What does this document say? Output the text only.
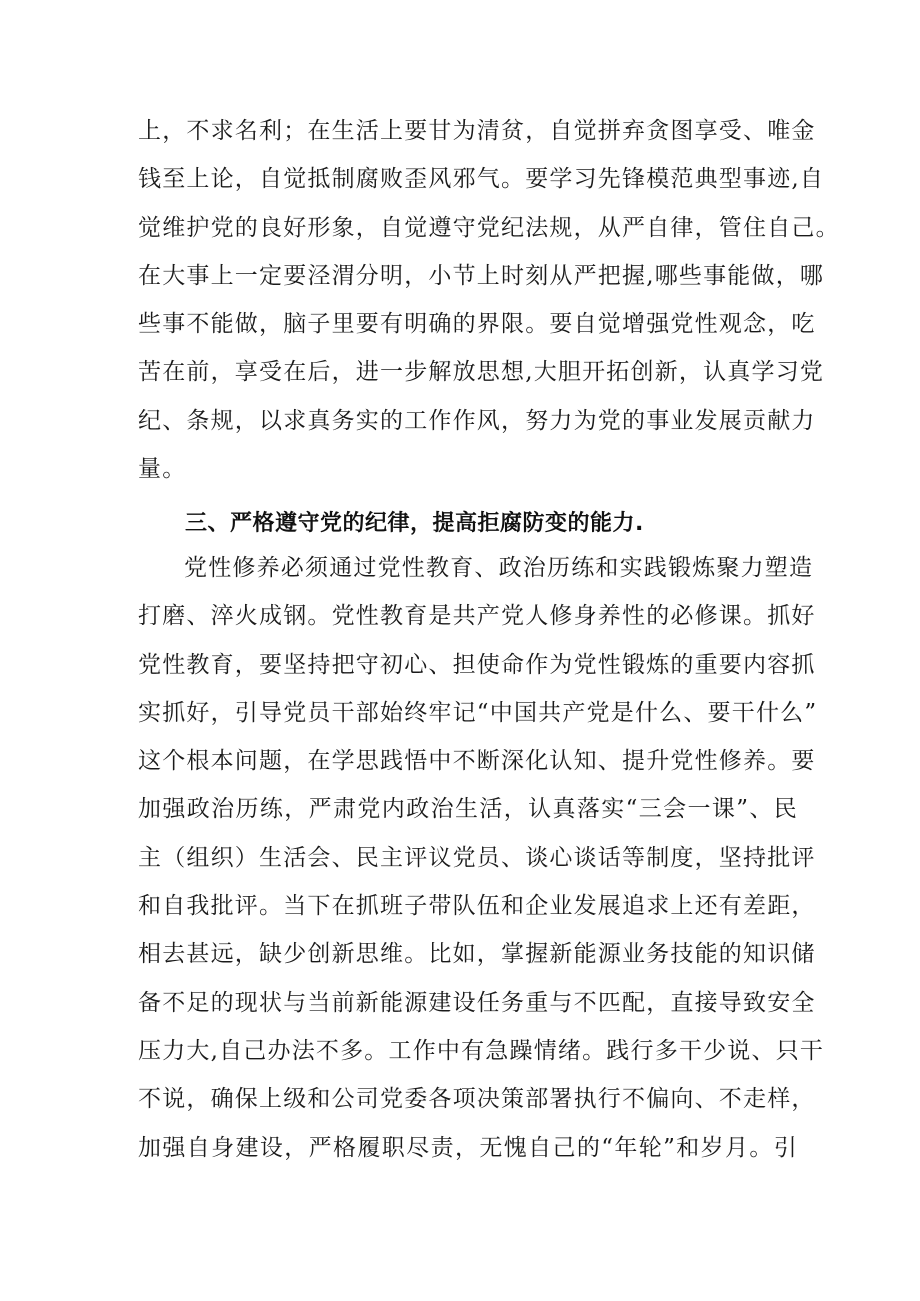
上，不求名利；在生活上要甘为清贫，自觉拼弃贪图享受、唯金
钱至上论，自觉抵制腐败歪风邪气。要学习先锋模范典型事迹,自
觉维护党的良好形象，自觉遵守党纪法规，从严自律，管住自己。
在大事上一定要泾渭分明，小节上时刻从严把握,哪些事能做，哪
些事不能做，脑子里要有明确的界限。要自觉增强党性观念，吃
苦在前，享受在后，进一步解放思想,大胆开拓创新，认真学习党
纪、条规，以求真务实的工作作风，努力为党的事业发展贡献力
量。
三、严格遵守党的纪律，提高拒腐防变的能力.
党性修养必须通过党性教育、政治历练和实践锻炼聚力塑造
打磨、淬火成钢。党性教育是共产党人修身养性的必修课。抓好
党性教育，要坚持把守初心、担使命作为党性锻炼的重要内容抓
实抓好，引导党员干部始终牢记“中国共产党是什么、要干什么”
这个根本问题，在学思践悟中不断深化认知、提升党性修养。要
加强政治历练，严肃党内政治生活，认真落实“三会一课”、民
主（组织）生活会、民主评议党员、谈心谈话等制度，坚持批评
和自我批评。当下在抓班子带队伍和企业发展追求上还有差距，
相去甚远，缺少创新思维。比如，掌握新能源业务技能的知识储
备不足的现状与当前新能源建设任务重与不匹配，直接导致安全
压力大,自己办法不多。工作中有急躁情绪。践行多干少说、只干
不说，确保上级和公司党委各项决策部署执行不偏向、不走样，
加强自身建设，严格履职尽责，无愧自己的“年轮”和岁月。引
